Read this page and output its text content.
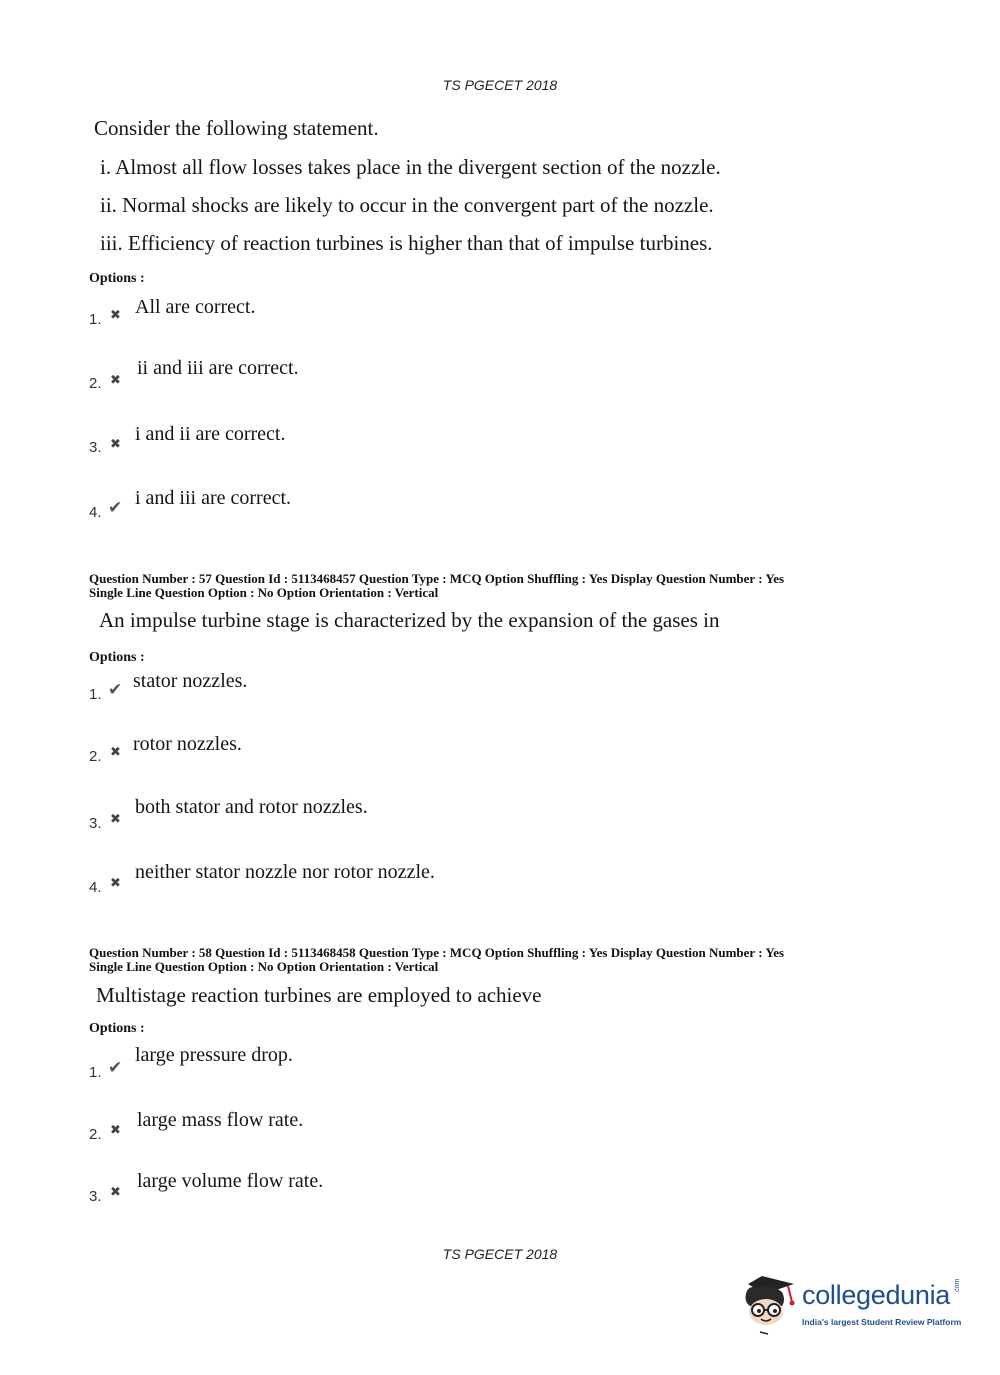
TS PGECET 2018
Consider the following statement.
i. Almost all flow losses takes place in the divergent section of the nozzle.
ii. Normal shocks are likely to occur in the convergent part of the nozzle.
iii. Efficiency of reaction turbines is higher than that of impulse turbines.
Options :
1. ✖ All are correct.
2. ✖
ii and iii are correct.
3. ✖ i and ii are correct.
4. ✔ i and iii are correct.
Question Number : 57 Question Id : 5113468457 Question Type : MCQ Option Shuffling : Yes Display Question Number : Yes
Single Line Question Option : No Option Orientation : Vertical
An impulse turbine stage is characterized by the expansion of the gases in
Options :
1. ✔ stator nozzles.
2. ✖ rotor nozzles.
3. ✖
both stator and rotor nozzles.
4. ✖ neither stator nozzle nor rotor nozzle.
Question Number : 58 Question Id : 5113468458 Question Type : MCQ Option Shuffling : Yes Display Question Number : Yes
Single Line Question Option : No Option Orientation : Vertical
Multistage reaction turbines are employed to achieve
Options :
1. ✔
large pressure drop.
2. ✖ large mass flow rate.
3. ✖ large volume flow rate.
TS PGECET 2018
collegedunia .com
India's largest Student Review Platform
